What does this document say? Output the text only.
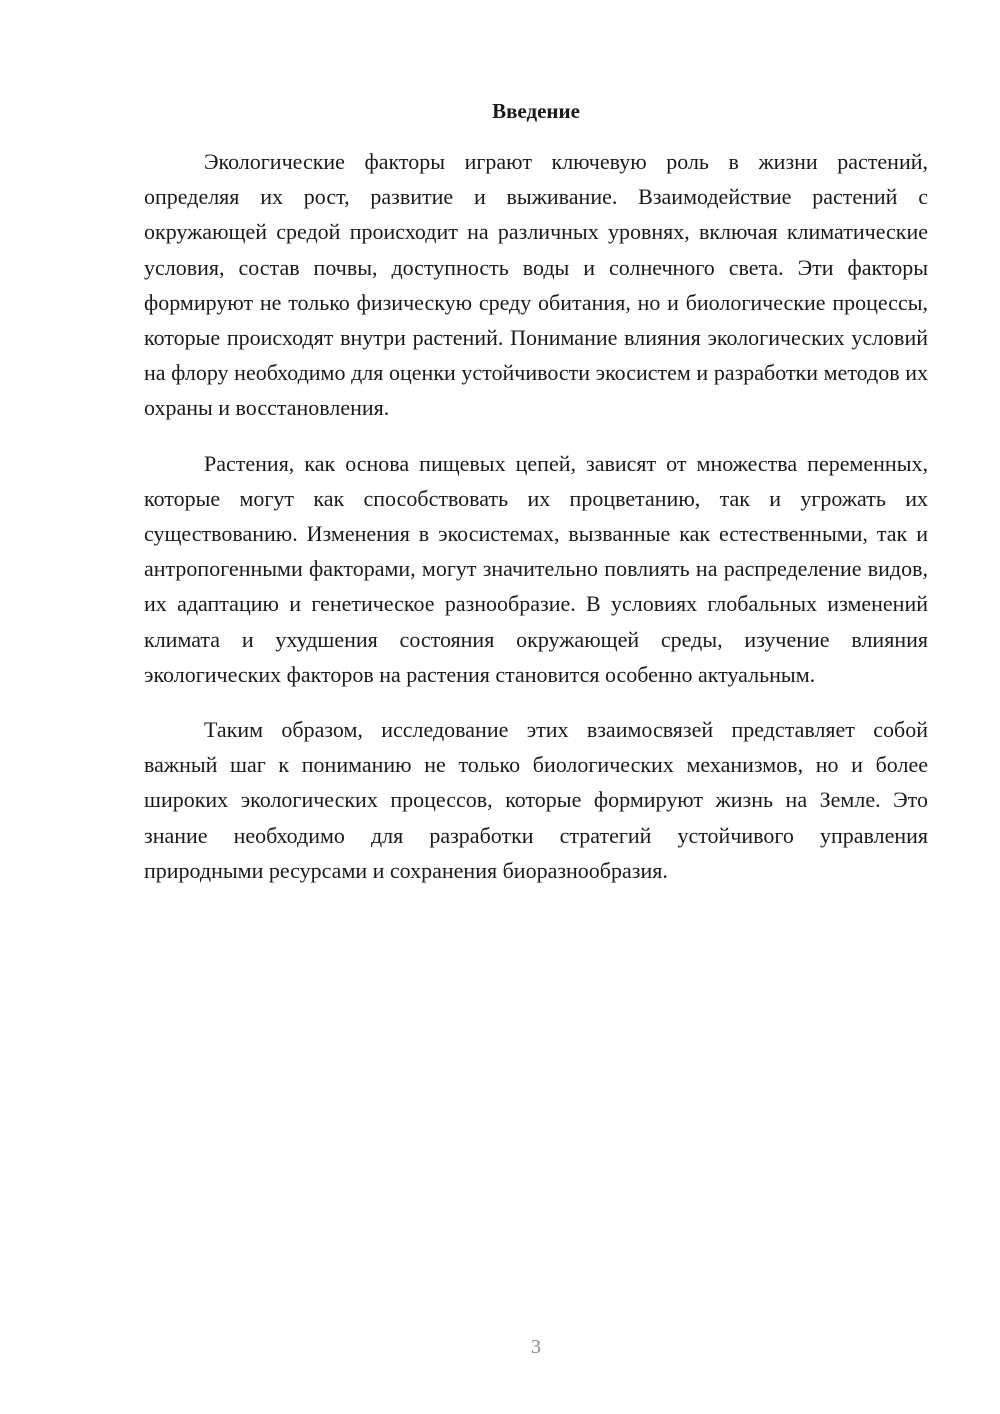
Введение

Экологические факторы играют ключевую роль в жизни растений, определяя их рост, развитие и выживание. Взаимодействие растений с окружающей средой происходит на различных уровнях, включая климатические условия, состав почвы, доступность воды и солнечного света. Эти факторы формируют не только физическую среду обитания, но и биологические процессы, которые происходят внутри растений. Понимание влияния экологических условий на флору необходимо для оценки устойчивости экосистем и разработки методов их охраны и восстановления.

Растения, как основа пищевых цепей, зависят от множества переменных, которые могут как способствовать их процветанию, так и угрожать их существованию. Изменения в экосистемах, вызванные как естественными, так и антропогенными факторами, могут значительно повлиять на распределение видов, их адаптацию и генетическое разнообразие. В условиях глобальных изменений климата и ухудшения состояния окружающей среды, изучение влияния экологических факторов на растения становится особенно актуальным.

Таким образом, исследование этих взаимосвязей представляет собой важный шаг к пониманию не только биологических механизмов, но и более широких экологических процессов, которые формируют жизнь на Земле. Это знание необходимо для разработки стратегий устойчивого управления природными ресурсами и сохранения биоразнообразия.

3
